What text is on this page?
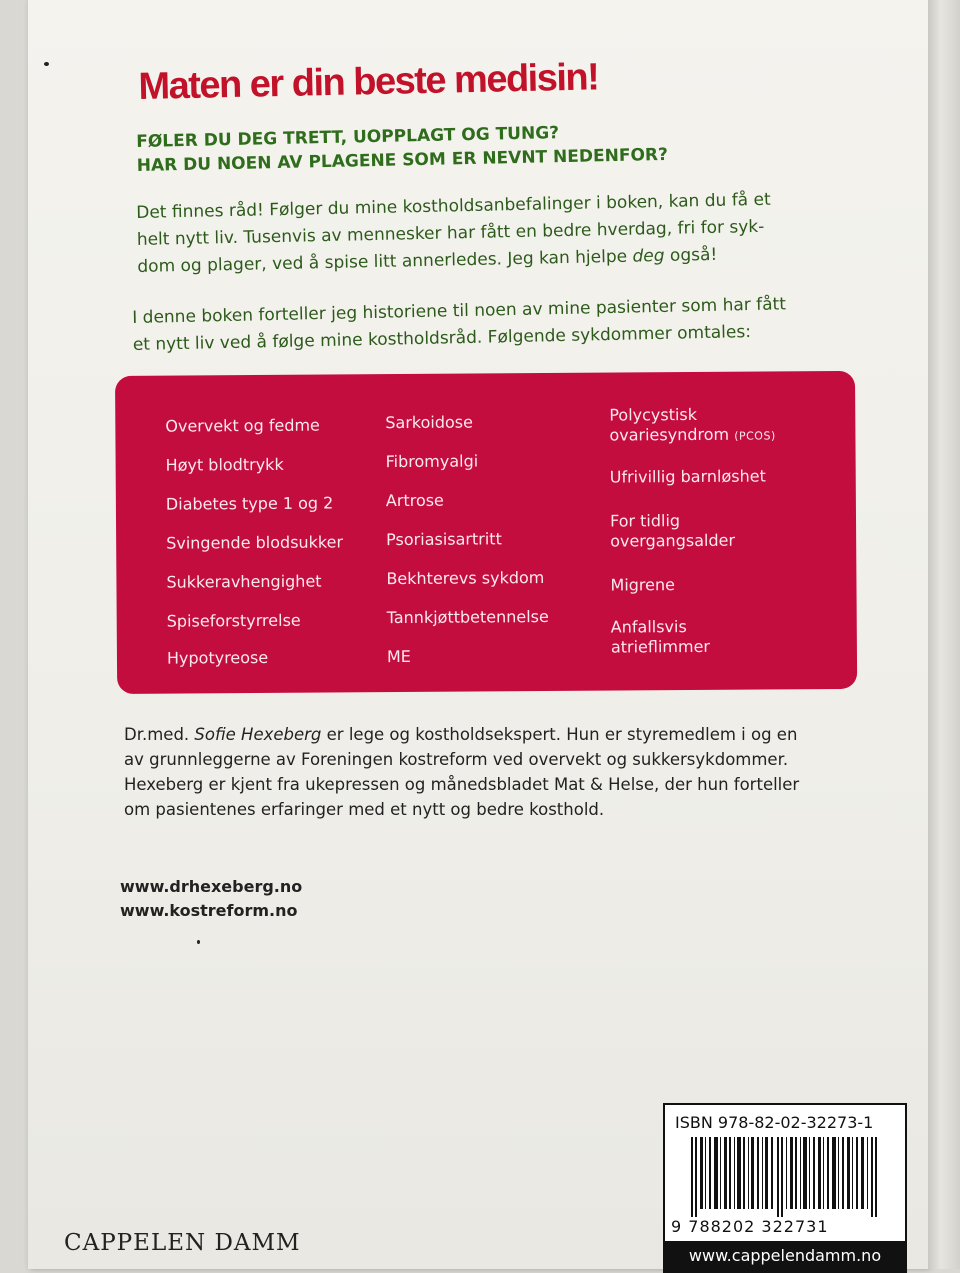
Maten er din beste medisin!
FØLER DU DEG TRETT, UOPPLAGT OG TUNG?
HAR DU NOEN AV PLAGENE SOM ER NEVNT NEDENFOR?
Det finnes råd! Følger du mine kostholdsanbefalinger i boken, kan du få et
helt nytt liv. Tusenvis av mennesker har fått en bedre hverdag, fri for syk-
dom og plager, ved å spise litt annerledes. Jeg kan hjelpe deg også!
I denne boken forteller jeg historiene til noen av mine pasienter som har fått
et nytt liv ved å følge mine kostholdsråd. Følgende sykdommer omtales:
Overvekt og fedme
Høyt blodtrykk
Diabetes type 1 og 2
Svingende blodsukker
Sukkeravhengighet
Spiseforstyrrelse
Hypotyreose
Sarkoidose
Fibromyalgi
Artrose
Psoriasisartritt
Bekhterevs sykdom
Tannkjøttbetennelse
ME
Polycystisk
ovariesyndrom (PCOS)
Ufrivillig barnløshet
For tidlig
overgangsalder
Migrene
Anfallsvis
atrieflimmer
Dr.med. Sofie Hexeberg er lege og kostholdsekspert. Hun er styremedlem i og en
av grunnleggerne av Foreningen kostreform ved overvekt og sukkersykdommer.
Hexeberg er kjent fra ukepressen og månedsbladet Mat & Helse, der hun forteller
om pasientenes erfaringer med et nytt og bedre kosthold.
www.drhexeberg.no
www.kostreform.no
CAPPELEN DAMM
ISBN 978-82-02-32273-1
9 788202 322731
www.cappelendamm.no
